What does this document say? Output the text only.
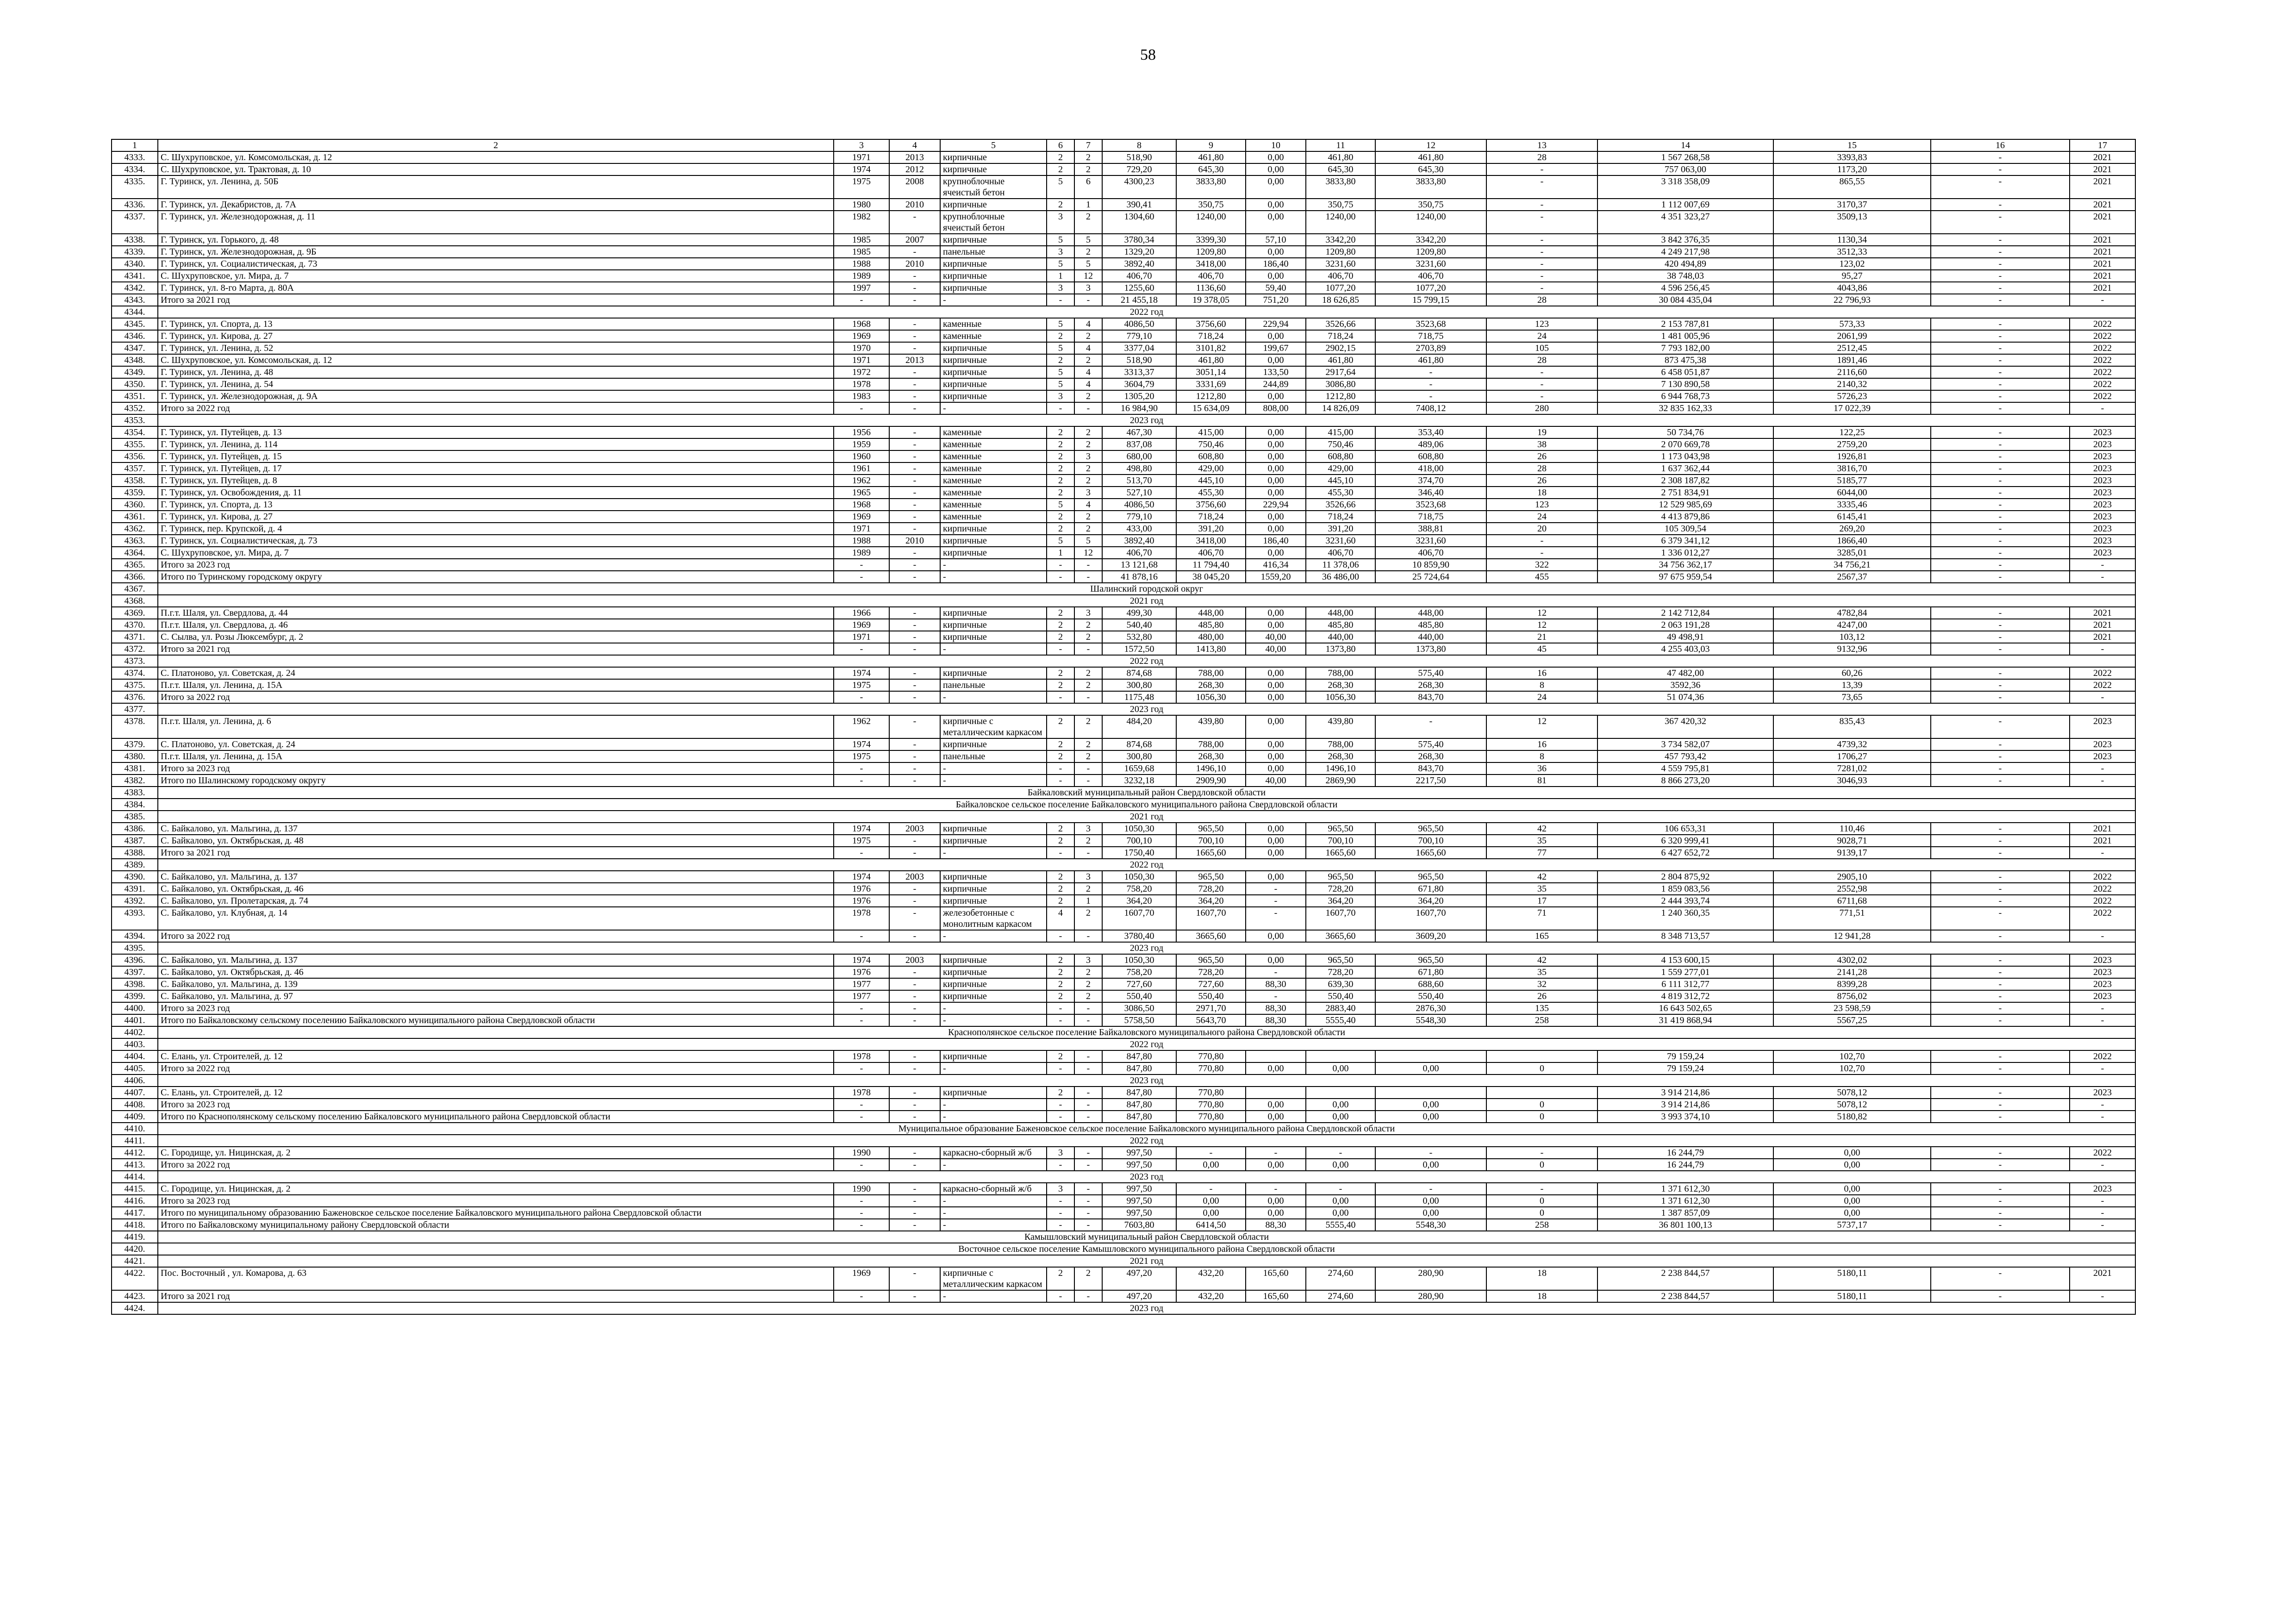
58
1	2	3	4	5	6	7	8	9	10	11	12	13	14	15	16	17
4333.	С. Шухруповское, ул. Комсомольская, д. 12	1971	2013	кирпичные	2	2	518,90	461,80	0,00	461,80	461,80	28	1 567 268,58	3393,83	-	2021
4334.	С. Шухруповское, ул. Трактовая, д. 10	1974	2012	кирпичные	2	2	729,20	645,30	0,00	645,30	645,30	-	757 063,00	1173,20	-	2021
4335.	Г. Туринск, ул. Ленина, д. 50Б	1975	2008	крупноблочные ячеистый бетон	5	6	4300,23	3833,80	0,00	3833,80	3833,80	-	3 318 358,09	865,55	-	2021
4336.	Г. Туринск, ул. Декабристов, д. 7А	1980	2010	кирпичные	2	1	390,41	350,75	0,00	350,75	350,75	-	1 112 007,69	3170,37	-	2021
4337.	Г. Туринск, ул. Железнодорожная, д. 11	1982	-	крупноблочные ячеистый бетон	3	2	1304,60	1240,00	0,00	1240,00	1240,00	-	4 351 323,27	3509,13	-	2021
4338.	Г. Туринск, ул. Горького, д. 48	1985	2007	кирпичные	5	5	3780,34	3399,30	57,10	3342,20	3342,20	-	3 842 376,35	1130,34	-	2021
4339.	Г. Туринск, ул. Железнодорожная, д. 9Б	1985	-	панельные	3	2	1329,20	1209,80	0,00	1209,80	1209,80	-	4 249 217,98	3512,33	-	2021
4340.	Г. Туринск, ул. Социалистическая, д. 73	1988	2010	кирпичные	5	5	3892,40	3418,00	186,40	3231,60	3231,60	-	420 494,89	123,02	-	2021
4341.	С. Шухруповское, ул. Мира, д. 7	1989	-	кирпичные	1	12	406,70	406,70	0,00	406,70	406,70	-	38 748,03	95,27	-	2021
4342.	Г. Туринск, ул. 8-го Марта, д. 80А	1997	-	кирпичные	3	3	1255,60	1136,60	59,40	1077,20	1077,20	-	4 596 256,45	4043,86	-	2021
4343.	Итого за 2021 год	-	-	-	-	-	21 455,18	19 378,05	751,20	18 626,85	15 799,15	28	30 084 435,04	22 796,93	-	-
4344.	2022 год															
4345.	Г. Туринск, ул. Спорта, д. 13	1968	-	каменные	5	4	4086,50	3756,60	229,94	3526,66	3523,68	123	2 153 787,81	573,33	-	2022
4346.	Г. Туринск, ул. Кирова, д. 27	1969	-	каменные	2	2	779,10	718,24	0,00	718,24	718,75	24	1 481 005,96	2061,99	-	2022
4347.	Г. Туринск, ул. Ленина, д. 52	1970	-	кирпичные	5	4	3377,04	3101,82	199,67	2902,15	2703,89	105	7 793 182,00	2512,45	-	2022
4348.	С. Шухруповское, ул. Комсомольская, д. 12	1971	2013	кирпичные	2	2	518,90	461,80	0,00	461,80	461,80	28	873 475,38	1891,46	-	2022
4349.	Г. Туринск, ул. Ленина, д. 48	1972	-	кирпичные	5	4	3313,37	3051,14	133,50	2917,64	-	-	6 458 051,87	2116,60	-	2022
4350.	Г. Туринск, ул. Ленина, д. 54	1978	-	кирпичные	5	4	3604,79	3331,69	244,89	3086,80	-	-	7 130 890,58	2140,32	-	2022
4351.	Г. Туринск, ул. Железнодорожная, д. 9А	1983	-	кирпичные	3	2	1305,20	1212,80	0,00	1212,80	-	-	6 944 768,73	5726,23	-	2022
4352.	Итого за 2022 год	-	-	-	-	-	16 984,90	15 634,09	808,00	14 826,09	7408,12	280	32 835 162,33	17 022,39	-	-
4353.	2023 год															
4354.	Г. Туринск, ул. Путейцев, д. 13	1956	-	каменные	2	2	467,30	415,00	0,00	415,00	353,40	19	50 734,76	122,25	-	2023
4355.	Г. Туринск, ул. Ленина, д. 114	1959	-	каменные	2	2	837,08	750,46	0,00	750,46	489,06	38	2 070 669,78	2759,20	-	2023
4356.	Г. Туринск, ул. Путейцев, д. 15	1960	-	каменные	2	3	680,00	608,80	0,00	608,80	608,80	26	1 173 043,98	1926,81	-	2023
4357.	Г. Туринск, ул. Путейцев, д. 17	1961	-	каменные	2	2	498,80	429,00	0,00	429,00	418,00	28	1 637 362,44	3816,70	-	2023
4358.	Г. Туринск, ул. Путейцев, д. 8	1962	-	каменные	2	2	513,70	445,10	0,00	445,10	374,70	26	2 308 187,82	5185,77	-	2023
4359.	Г. Туринск, ул. Освобождения, д. 11	1965	-	каменные	2	3	527,10	455,30	0,00	455,30	346,40	18	2 751 834,91	6044,00	-	2023
4360.	Г. Туринск, ул. Спорта, д. 13	1968	-	каменные	5	4	4086,50	3756,60	229,94	3526,66	3523,68	123	12 529 985,69	3335,46	-	2023
4361.	Г. Туринск, ул. Кирова, д. 27	1969	-	каменные	2	2	779,10	718,24	0,00	718,24	718,75	24	4 413 879,86	6145,41	-	2023
4362.	Г. Туринск, пер. Крупской, д. 4	1971	-	кирпичные	2	2	433,00	391,20	0,00	391,20	388,81	20	105 309,54	269,20	-	2023
4363.	Г. Туринск, ул. Социалистическая, д. 73	1988	2010	кирпичные	5	5	3892,40	3418,00	186,40	3231,60	3231,60	-	6 379 341,12	1866,40	-	2023
4364.	С. Шухруповское, ул. Мира, д. 7	1989	-	кирпичные	1	12	406,70	406,70	0,00	406,70	406,70	-	1 336 012,27	3285,01	-	2023
4365.	Итого за 2023 год	-	-	-	-	-	13 121,68	11 794,40	416,34	11 378,06	10 859,90	322	34 756 362,17	34 756,21	-	-
4366.	Итого по Туринскому городскому округу	-	-	-	-	-	41 878,16	38 045,20	1559,20	36 486,00	25 724,64	455	97 675 959,54	2567,37	-	-
4367.	Шалинский городской округ															
4368.	2021 год															
4369.	П.г.т. Шаля, ул. Свердлова, д. 44	1966	-	кирпичные	2	3	499,30	448,00	0,00	448,00	448,00	12	2 142 712,84	4782,84	-	2021
4370.	П.г.т. Шаля, ул. Свердлова, д. 46	1969	-	кирпичные	2	2	540,40	485,80	0,00	485,80	485,80	12	2 063 191,28	4247,00	-	2021
4371.	С. Сылва, ул. Розы Люксембург, д. 2	1971	-	кирпичные	2	2	532,80	480,00	40,00	440,00	440,00	21	49 498,91	103,12	-	2021
4372.	Итого за 2021 год	-	-	-	-	-	1572,50	1413,80	40,00	1373,80	1373,80	45	4 255 403,03	9132,96	-	-
4373.	2022 год															
4374.	С. Платоново, ул. Советская, д. 24	1974	-	кирпичные	2	2	874,68	788,00	0,00	788,00	575,40	16	47 482,00	60,26	-	2022
4375.	П.г.т. Шаля, ул. Ленина, д. 15А	1975	-	панельные	2	2	300,80	268,30	0,00	268,30	268,30	8	3592,36	13,39	-	2022
4376.	Итого за 2022 год	-	-	-	-	-	1175,48	1056,30	0,00	1056,30	843,70	24	51 074,36	73,65	-	-
4377.	2023 год															
4378.	П.г.т. Шаля, ул. Ленина, д. 6	1962	-	кирпичные с металлическим каркасом	2	2	484,20	439,80	0,00	439,80	-	12	367 420,32	835,43	-	2023
4379.	С. Платоново, ул. Советская, д. 24	1974	-	кирпичные	2	2	874,68	788,00	0,00	788,00	575,40	16	3 734 582,07	4739,32	-	2023
4380.	П.г.т. Шаля, ул. Ленина, д. 15А	1975	-	панельные	2	2	300,80	268,30	0,00	268,30	268,30	8	457 793,42	1706,27	-	2023
4381.	Итого за 2023 год	-	-	-	-	-	1659,68	1496,10	0,00	1496,10	843,70	36	4 559 795,81	7281,02	-	-
4382.	Итого по Шалинскому городскому округу	-	-	-	-	-	3232,18	2909,90	40,00	2869,90	2217,50	81	8 866 273,20	3046,93	-	-
4383.	Байкаловский муниципальный район Свердловской области															
4384.	Байкаловское сельское поселение Байкаловского муниципального района Свердловской области															
4385.	2021 год															
4386.	С. Байкалово, ул. Мальгина, д. 137	1974	2003	кирпичные	2	3	1050,30	965,50	0,00	965,50	965,50	42	106 653,31	110,46	-	2021
4387.	С. Байкалово, ул. Октябрьская, д. 48	1975	-	кирпичные	2	2	700,10	700,10	0,00	700,10	700,10	35	6 320 999,41	9028,71	-	2021
4388.	Итого за 2021 год	-	-	-	-	-	1750,40	1665,60	0,00	1665,60	1665,60	77	6 427 652,72	9139,17	-	-
4389.	2022 год															
4390.	С. Байкалово, ул. Мальгина, д. 137	1974	2003	кирпичные	2	3	1050,30	965,50	0,00	965,50	965,50	42	2 804 875,92	2905,10	-	2022
4391.	С. Байкалово, ул. Октябрьская, д. 46	1976	-	кирпичные	2	2	758,20	728,20	-	728,20	671,80	35	1 859 083,56	2552,98	-	2022
4392.	С. Байкалово, ул. Пролетарская, д. 74	1976	-	кирпичные	2	1	364,20	364,20	-	364,20	364,20	17	2 444 393,74	6711,68	-	2022
4393.	С. Байкалово, ул. Клубная, д. 14	1978	-	железобетонные с монолитным каркасом	4	2	1607,70	1607,70	-	1607,70	1607,70	71	1 240 360,35	771,51	-	2022
4394.	Итого за 2022 год	-	-	-	-	-	3780,40	3665,60	0,00	3665,60	3609,20	165	8 348 713,57	12 941,28	-	-
4395.	2023 год															
4396.	С. Байкалово, ул. Мальгина, д. 137	1974	2003	кирпичные	2	3	1050,30	965,50	0,00	965,50	965,50	42	4 153 600,15	4302,02	-	2023
4397.	С. Байкалово, ул. Октябрьская, д. 46	1976	-	кирпичные	2	2	758,20	728,20	-	728,20	671,80	35	1 559 277,01	2141,28	-	2023
4398.	С. Байкалово, ул. Мальгина, д. 139	1977	-	кирпичные	2	2	727,60	727,60	88,30	639,30	688,60	32	6 111 312,77	8399,28	-	2023
4399.	С. Байкалово, ул. Мальгина, д. 97	1977	-	кирпичные	2	2	550,40	550,40	-	550,40	550,40	26	4 819 312,72	8756,02	-	2023
4400.	Итого за 2023 год	-	-	-	-	-	3086,50	2971,70	88,30	2883,40	2876,30	135	16 643 502,65	23 598,59	-	-
4401.	Итого по Байкаловскому сельскому поселению Байкаловского муниципального района Свердловской области	-	-	-	-	-	5758,50	5643,70	88,30	5555,40	5548,30	258	31 419 868,94	5567,25	-	-
4402.	Краснополянское сельское поселение Байкаловского муниципального района Свердловской области															
4403.	2022 год															
4404.	С. Елань, ул. Строителей, д. 12	1978	-	кирпичные	2	-	847,80	770,80					79 159,24	102,70	-	2022
4405.	Итого за 2022 год	-	-	-	-	-	847,80	770,80	0,00	0,00	0,00	0	79 159,24	102,70	-	-
4406.	2023 год															
4407.	С. Елань, ул. Строителей, д. 12	1978	-	кирпичные	2	-	847,80	770,80					3 914 214,86	5078,12	-	2023
4408.	Итого за 2023 год	-	-	-	-	-	847,80	770,80	0,00	0,00	0,00	0	3 914 214,86	5078,12	-	-
4409.	Итого по Краснополянскому сельскому поселению Байкаловского муниципального района Свердловской области	-	-	-	-	-	847,80	770,80	0,00	0,00	0,00	0	3 993 374,10	5180,82	-	-
4410.	Муниципальное образование Баженовское сельское поселение Байкаловского муниципального района Свердловской области															
4411.	2022 год															
4412.	С. Городище, ул. Ницинская, д. 2	1990	-	каркасно-сборный ж/б	3	-	997,50	-	-	-	-	-	16 244,79	0,00	-	2022
4413.	Итого за 2022 год	-	-	-	-	-	997,50	0,00	0,00	0,00	0,00	0	16 244,79	0,00	-	-
4414.	2023 год															
4415.	С. Городище, ул. Ницинская, д. 2	1990	-	каркасно-сборный ж/б	3	-	997,50	-	-	-	-	-	1 371 612,30	0,00	-	2023
4416.	Итого за 2023 год	-	-	-	-	-	997,50	0,00	0,00	0,00	0,00	0	1 371 612,30	0,00	-	-
4417.	Итого по муниципальному образованию Баженовское сельское поселение Байкаловского муниципального района Свердловской области	-	-	-	-	-	997,50	0,00	0,00	0,00	0,00	0	1 387 857,09	0,00	-	-
4418.	Итого по Байкаловскому муниципальному району Свердловской области	-	-	-	-	-	7603,80	6414,50	88,30	5555,40	5548,30	258	36 801 100,13	5737,17	-	-
4419.	Камышловский муниципальный район Свердловской области															
4420.	Восточное сельское поселение Камышловского муниципального района Свердловской области															
4421.	2021 год															
4422.	Пос. Восточный , ул. Комарова, д. 63	1969	-	кирпичные с металлическим каркасом	2	2	497,20	432,20	165,60	274,60	280,90	18	2 238 844,57	5180,11	-	2021
4423.	Итого за 2021 год	-	-	-	-	-	497,20	432,20	165,60	274,60	280,90	18	2 238 844,57	5180,11	-	-
4424.	2023 год															
